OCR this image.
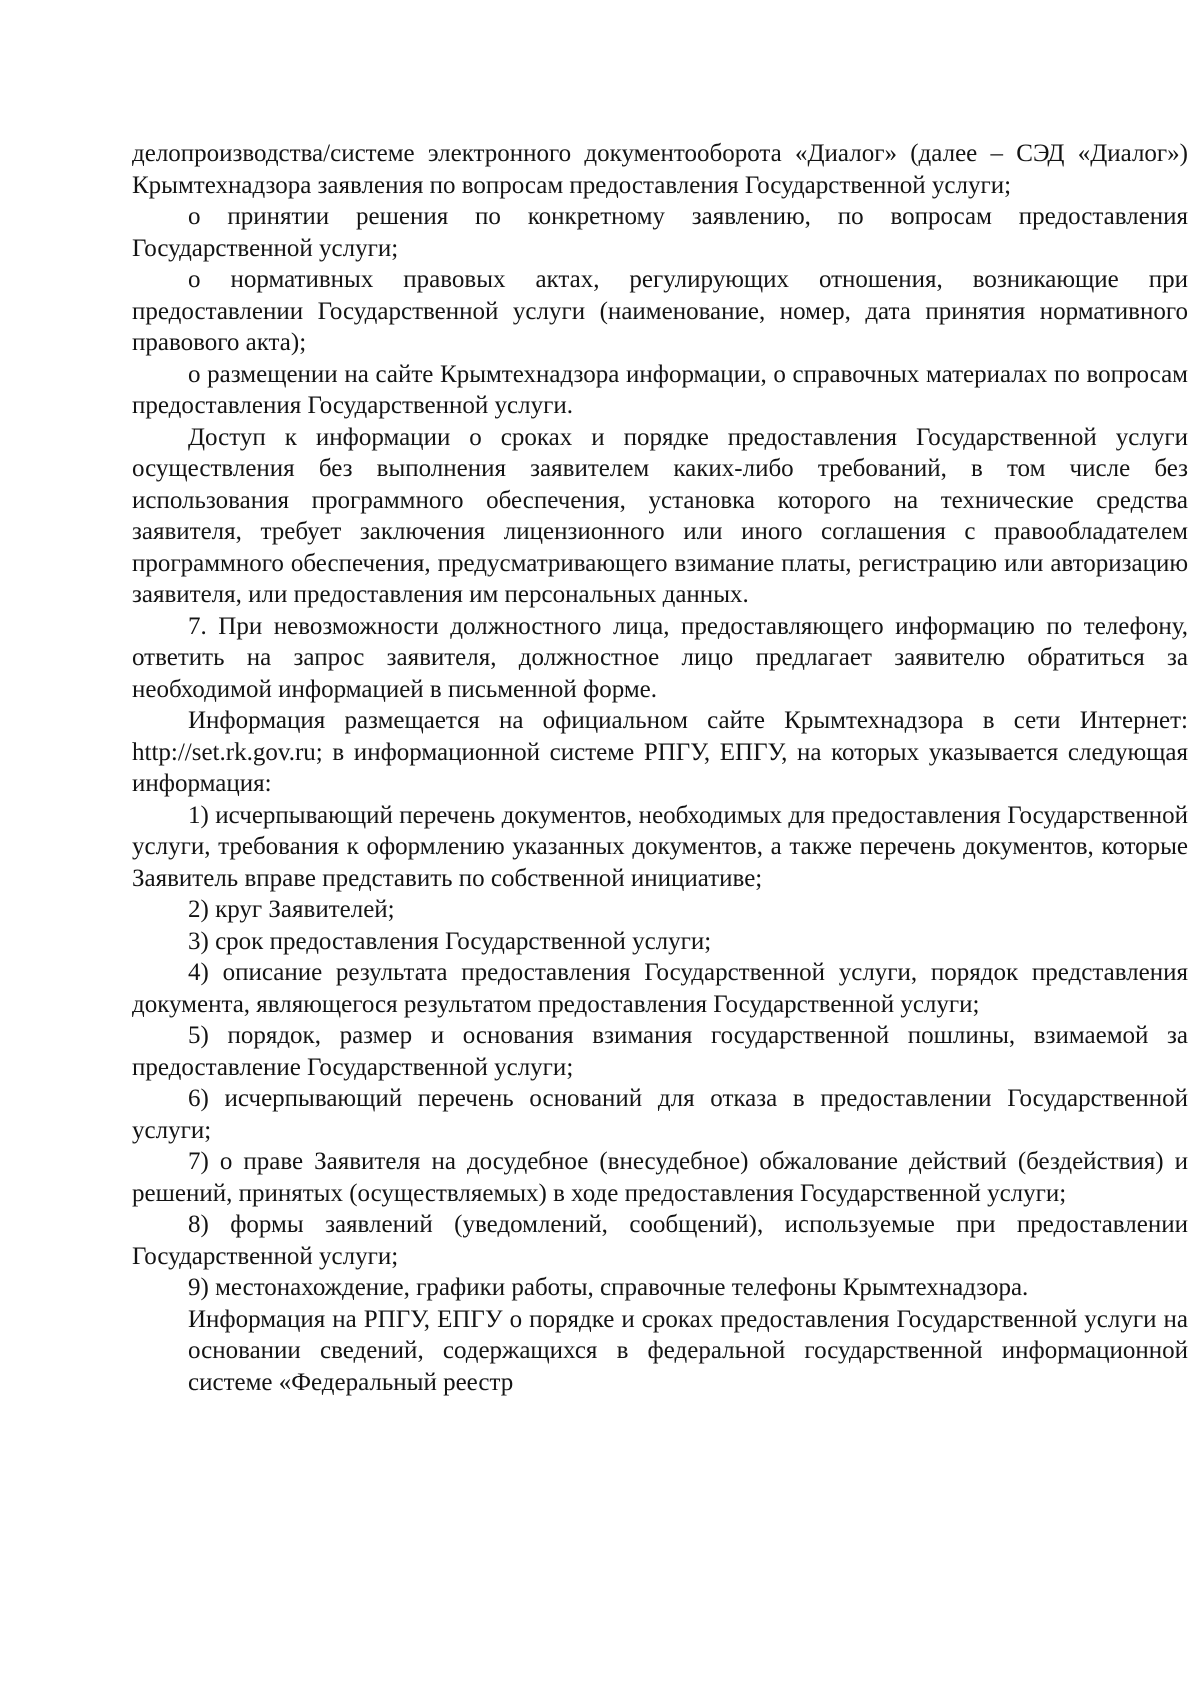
делопроизводства/системе электронного документооборота «Диалог» (далее – СЭД «Диалог») Крымтехнадзора заявления по вопросам предоставления Государственной услуги;

о принятии решения по конкретному заявлению, по вопросам предоставления Государственной услуги;

о нормативных правовых актах, регулирующих отношения, возникающие при предоставлении Государственной услуги (наименование, номер, дата принятия нормативного правового акта);

о размещении на сайте Крымтехнадзора информации, о справочных материалах по вопросам предоставления Государственной услуги.

Доступ к информации о сроках и порядке предоставления Государственной услуги осуществления без выполнения заявителем каких-либо требований, в том числе без использования программного обеспечения, установка которого на технические средства заявителя, требует заключения лицензионного или иного соглашения с правообладателем программного обеспечения, предусматривающего взимание платы, регистрацию или авторизацию заявителя, или предоставления им персональных данных.

7. При невозможности должностного лица, предоставляющего информацию по телефону, ответить на запрос заявителя, должностное лицо предлагает заявителю обратиться за необходимой информацией в письменной форме.

Информация размещается на официальном сайте Крымтехнадзора в сети Интернет: http://set.rk.gov.ru; в информационной системе РПГУ, ЕПГУ, на которых указывается следующая информация:

1) исчерпывающий перечень документов, необходимых для предоставления Государственной услуги, требования к оформлению указанных документов, а также перечень документов, которые Заявитель вправе представить по собственной инициативе;

2) круг Заявителей;

3) срок предоставления Государственной услуги;

4) описание результата предоставления Государственной услуги, порядок представления документа, являющегося результатом предоставления Государственной услуги;

5) порядок, размер и основания взимания государственной пошлины, взимаемой за предоставление Государственной услуги;

6) исчерпывающий перечень оснований для отказа в предоставлении Государственной услуги;

7) о праве Заявителя на досудебное (внесудебное) обжалование действий (бездействия) и решений, принятых (осуществляемых) в ходе предоставления Государственной услуги;

8) формы заявлений (уведомлений, сообщений), используемые при предоставлении Государственной услуги;

9) местонахождение, графики работы, справочные телефоны Крымтехнадзора.

Информация на РПГУ, ЕПГУ о порядке и сроках предоставления Государственной услуги на основании сведений, содержащихся в федеральной государственной информационной системе «Федеральный реестр
